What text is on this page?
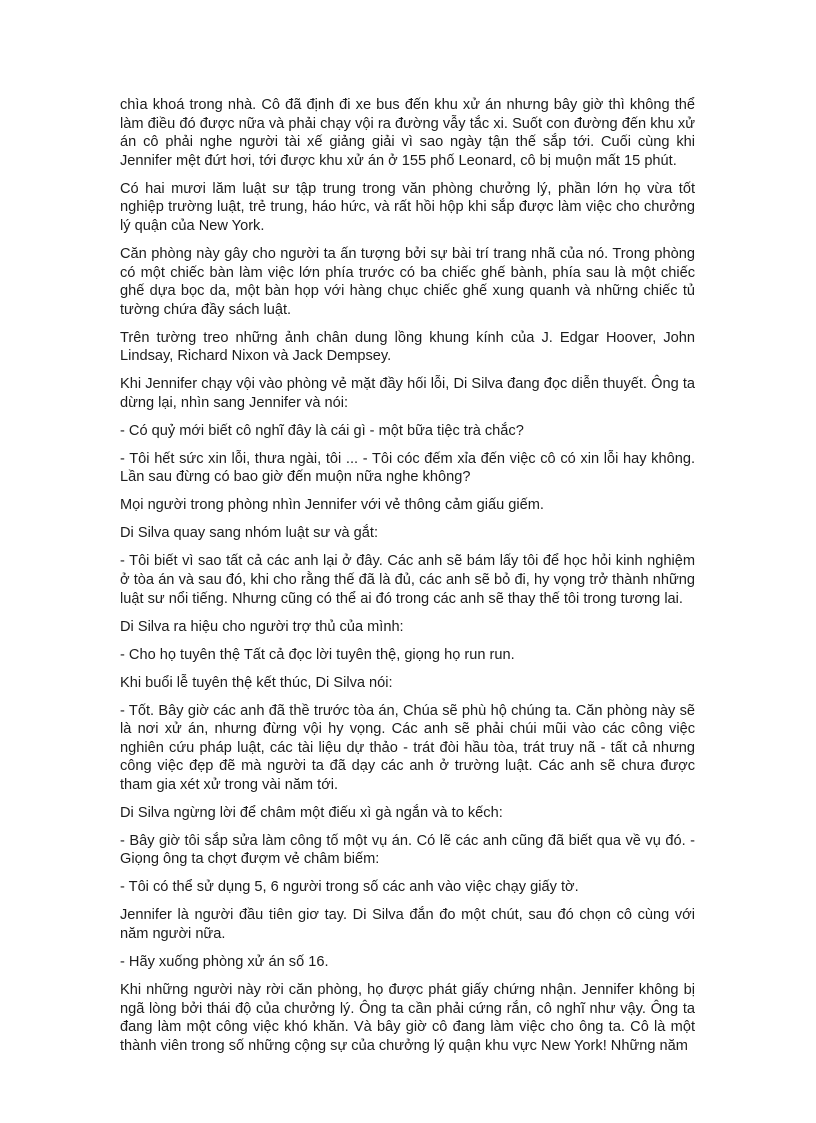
chìa khoá trong nhà. Cô đã định đi xe bus đến khu xử án nhưng bây giờ thì không thể làm điều đó được nữa và phải chạy vội ra đường vẫy tắc xi. Suốt con đường đến khu xử án cô phải nghe người tài xế giảng giải vì sao ngày tận thế sắp tới. Cuối cùng khi Jennifer mệt đứt hơi, tới được khu xử án ở 155 phố Leonard, cô bị muộn mất 15 phút.

Có hai mươi lăm luật sư tập trung trong văn phòng chưởng lý, phần lớn họ vừa tốt nghiệp trường luật, trẻ trung, háo hức, và rất hồi hộp khi sắp được làm việc cho chưởng lý quận của New York.

Căn phòng này gây cho người ta ấn tượng bởi sự bài trí trang nhã của nó. Trong phòng có một chiếc bàn làm việc lớn phía trước có ba chiếc ghế bành, phía sau là một chiếc ghế dựa bọc da, một bàn họp với hàng chục chiếc ghế xung quanh và những chiếc tủ tường chứa đầy sách luật.

Trên tường treo những ảnh chân dung lồng khung kính của J. Edgar Hoover, John Lindsay, Richard Nixon và Jack Dempsey.

Khi Jennifer chạy vội vào phòng vẻ mặt đầy hối lỗi, Di Silva đang đọc diễn thuyết. Ông ta dừng lại, nhìn sang Jennifer và nói:

- Có quỷ mới biết cô nghĩ đây là cái gì - một bữa tiệc trà chắc?

- Tôi hết sức xin lỗi, thưa ngài, tôi ... - Tôi cóc đếm xỉa đến việc cô có xin lỗi hay không. Lần sau đừng có bao giờ đến muộn nữa nghe không?

Mọi người trong phòng nhìn Jennifer với vẻ thông cảm giấu giếm.

Di Silva quay sang nhóm luật sư và gắt:

- Tôi biết vì sao tất cả các anh lại ở đây. Các anh sẽ bám lấy tôi để học hỏi kinh nghiệm ở tòa án và sau đó, khi cho rằng thế đã là đủ, các anh sẽ bỏ đi, hy vọng trở thành những luật sư nổi tiếng. Nhưng cũng có thể ai đó trong các anh sẽ thay thế tôi trong tương lai.

Di Silva ra hiệu cho người trợ thủ của mình:

- Cho họ tuyên thệ Tất cả đọc lời tuyên thệ, giọng họ run run.

Khi buổi lễ tuyên thệ kết thúc, Di Silva nói:

- Tốt. Bây giờ các anh đã thề trước tòa án, Chúa sẽ phù hộ chúng ta. Căn phòng này sẽ là nơi xử án, nhưng đừng vội hy vọng. Các anh sẽ phải chúi mũi vào các công việc nghiên cứu pháp luật, các tài liệu dự thảo - trát đòi hầu tòa, trát truy nã - tất cả nhưng công việc đẹp đẽ mà người ta đã dạy các anh ở trường luật. Các anh sẽ chưa được tham gia xét xử trong vài năm tới.

Di Silva ngừng lời để châm một điếu xì gà ngắn và to kếch:

- Bây giờ tôi sắp sửa làm công tố một vụ án. Có lẽ các anh cũng đã biết qua về vụ đó. - Giọng ông ta chợt đượm vẻ châm biếm:

- Tôi có thể sử dụng 5, 6 người trong số các anh vào việc chạy giấy tờ.

Jennifer là người đầu tiên giơ tay. Di Silva đắn đo một chút, sau đó chọn cô cùng với năm người nữa.

- Hãy xuống phòng xử án số 16.

Khi những người này rời căn phòng, họ được phát giấy chứng nhận. Jennifer không bị ngã lòng bởi thái độ của chưởng lý. Ông ta cần phải cứng rắn, cô nghĩ như vậy. Ông ta đang làm một công việc khó khăn. Và bây giờ cô đang làm việc cho ông ta. Cô là một thành viên trong số những cộng sự của chưởng lý quận khu vực New York! Những năm
